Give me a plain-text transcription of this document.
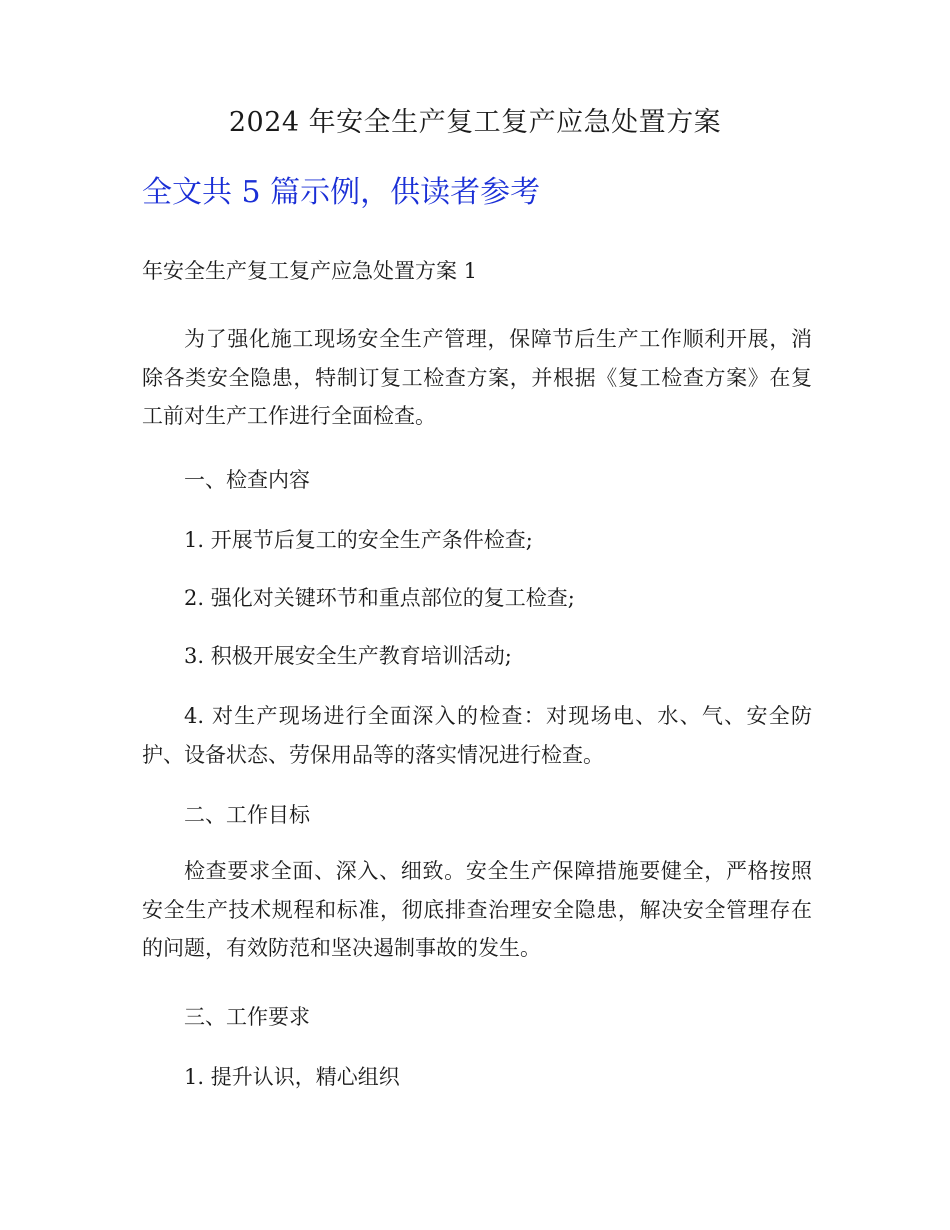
2024 年安全生产复工复产应急处置方案
全文共 5 篇示例，供读者参考
年安全生产复工复产应急处置方案 1

为了强化施工现场安全生产管理，保障节后生产工作顺利开展，消除各类安全隐患，特制订复工检查方案，并根据《复工检查方案》在复工前对生产工作进行全面检查。

一、检查内容

1. 开展节后复工的安全生产条件检查;

2. 强化对关键环节和重点部位的复工检查;

3. 积极开展安全生产教育培训活动;

4. 对生产现场进行全面深入的检查：对现场电、水、气、安全防护、设备状态、劳保用品等的落实情况进行检查。

二、工作目标

检查要求全面、深入、细致。安全生产保障措施要健全，严格按照安全生产技术规程和标准，彻底排查治理安全隐患，解决安全管理存在的问题，有效防范和坚决遏制事故的发生。

三、工作要求

1. 提升认识，精心组织
